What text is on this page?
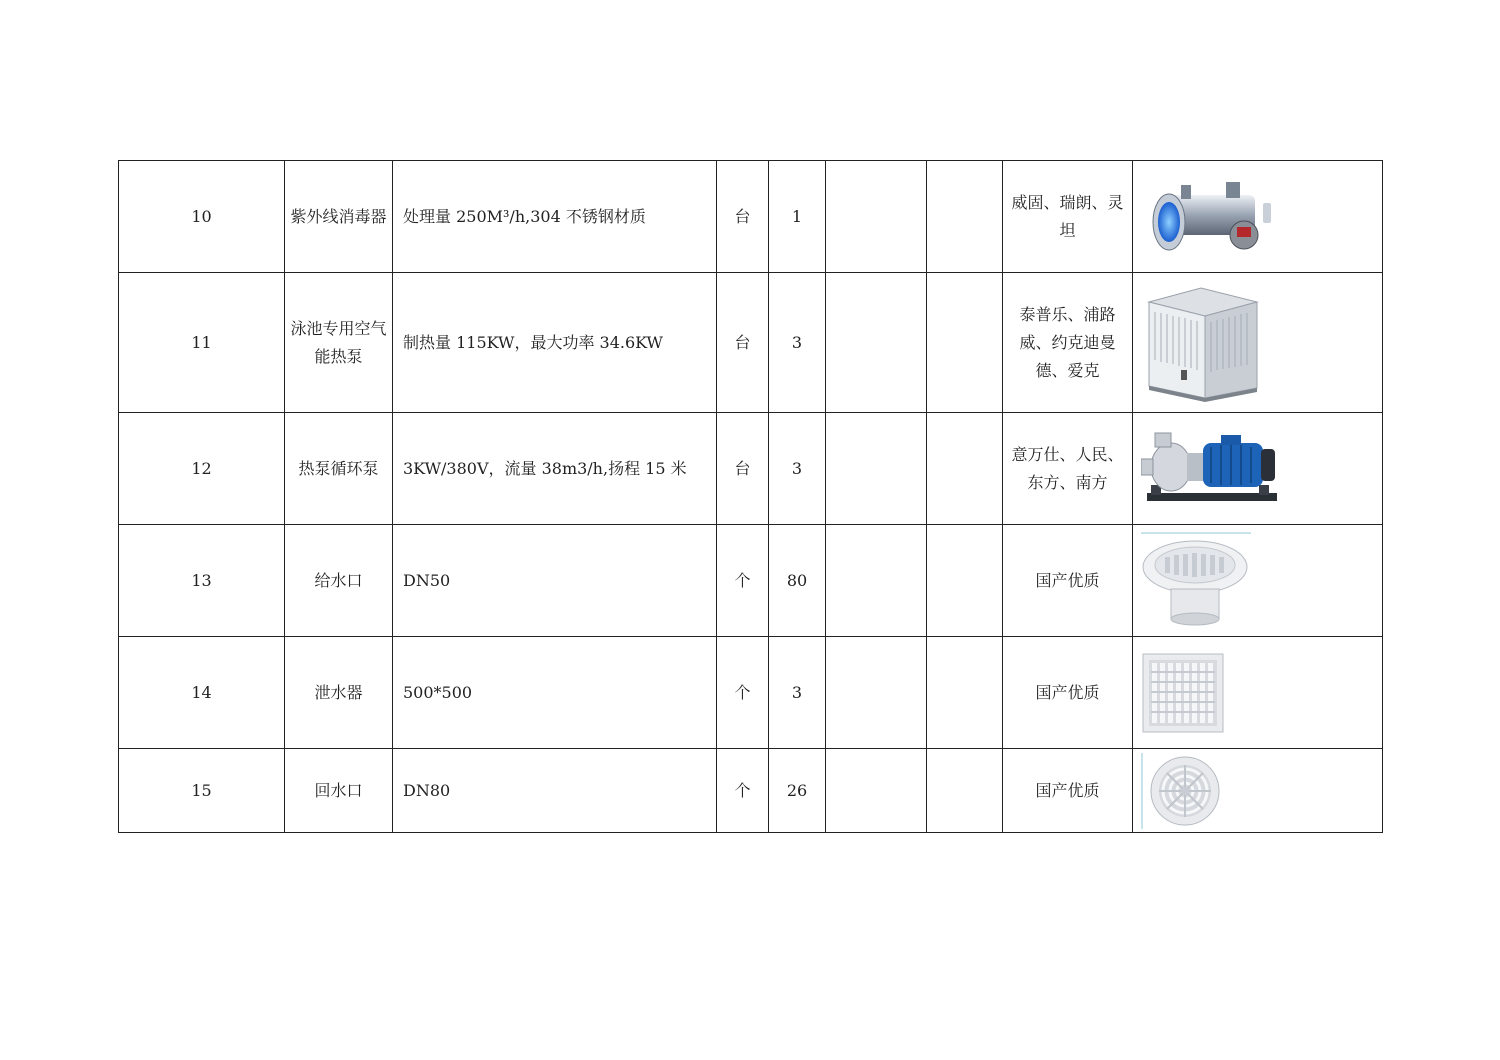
10	紫外线消毒器	处理量 250M³/h,304 不锈钢材质	台	1			威固、瑞朗、灵坦	

11	泳池专用空气能热泵	制热量 115KW，最大功率 34.6KW	台	3			泰普乐、浦路威、约克迪曼德、爱克	

12	热泵循环泵	3KW/380V，流量 38m3/h,扬程 15 米	台	3			意万仕、人民、东方、南方	

13	给水口	DN50	个	80			国产优质	

14	泄水器	500*500	个	3			国产优质	

15	回水口	DN80	个	26			国产优质	
